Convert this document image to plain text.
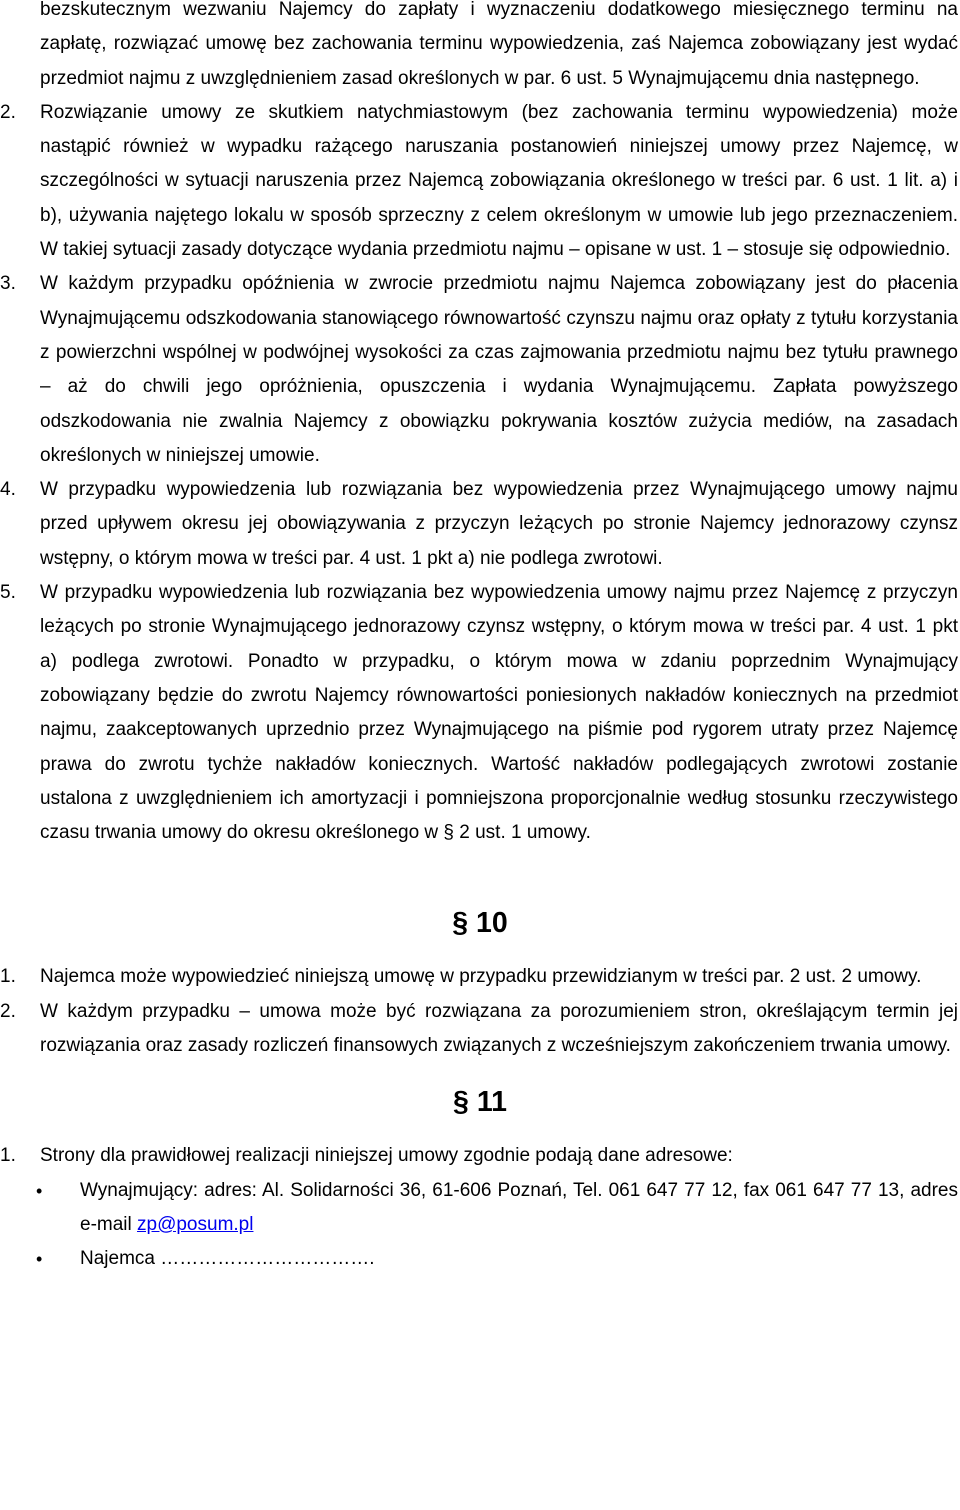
bezskutecznym wezwaniu Najemcy do zapłaty i wyznaczeniu dodatkowego miesięcznego terminu na zapłatę, rozwiązać umowę bez zachowania terminu wypowiedzenia, zaś Najemca zobowiązany jest wydać przedmiot najmu z uwzględnieniem zasad określonych w par. 6 ust. 5 Wynajmującemu dnia następnego.

2. Rozwiązanie umowy ze skutkiem natychmiastowym (bez zachowania terminu wypowiedzenia) może nastąpić również w wypadku rażącego naruszania postanowień niniejszej umowy przez Najemcę, w szczególności w sytuacji naruszenia przez Najemcą zobowiązania określonego w treści par. 6 ust. 1 lit. a) i b), używania najętego lokalu w sposób sprzeczny z celem określonym w umowie lub jego przeznaczeniem. W takiej sytuacji zasady dotyczące wydania przedmiotu najmu – opisane w ust. 1 – stosuje się odpowiednio.

3. W każdym przypadku opóźnienia w zwrocie przedmiotu najmu Najemca zobowiązany jest do płacenia Wynajmującemu odszkodowania stanowiącego równowartość czynszu najmu oraz opłaty z tytułu korzystania z powierzchni wspólnej w podwójnej wysokości za czas zajmowania przedmiotu najmu bez tytułu prawnego – aż do chwili jego opróżnienia, opuszczenia i wydania Wynajmującemu. Zapłata powyższego odszkodowania nie zwalnia Najemcy z obowiązku pokrywania kosztów zużycia mediów, na zasadach określonych w niniejszej umowie.

4. W przypadku wypowiedzenia lub rozwiązania bez wypowiedzenia przez Wynajmującego umowy najmu przed upływem okresu jej obowiązywania z przyczyn leżących po stronie Najemcy jednorazowy czynsz wstępny, o którym mowa w treści par. 4 ust. 1 pkt a) nie podlega zwrotowi.

5. W przypadku wypowiedzenia lub rozwiązania bez wypowiedzenia umowy najmu przez Najemcę z przyczyn leżących po stronie Wynajmującego jednorazowy czynsz wstępny, o którym mowa w treści par. 4 ust. 1 pkt a) podlega zwrotowi. Ponadto w przypadku, o którym mowa w zdaniu poprzednim Wynajmujący zobowiązany będzie do zwrotu Najemcy równowartości poniesionych nakładów koniecznych na przedmiot najmu, zaakceptowanych uprzednio przez Wynajmującego na piśmie pod rygorem utraty przez Najemcę prawa do zwrotu tychże nakładów koniecznych. Wartość nakładów podlegających zwrotowi zostanie ustalona z uwzględnieniem ich amortyzacji i pomniejszona proporcjonalnie według stosunku rzeczywistego czasu trwania umowy do okresu określonego w § 2 ust. 1 umowy.

§ 10

1. Najemca może wypowiedzieć niniejszą umowę w przypadku przewidzianym w treści par. 2 ust. 2 umowy.

2. W każdym przypadku – umowa może być rozwiązana za porozumieniem stron, określającym termin jej rozwiązania oraz zasady rozliczeń finansowych związanych z wcześniejszym zakończeniem trwania umowy.

§ 11

1. Strony dla prawidłowej realizacji niniejszej umowy zgodnie podają dane adresowe:

• Wynajmujący: adres: Al. Solidarności 36, 61-606 Poznań, Tel. 061 647 77 12, fax 061 647 77 13, adres e-mail zp@posum.pl

• Najemca …………………………….
